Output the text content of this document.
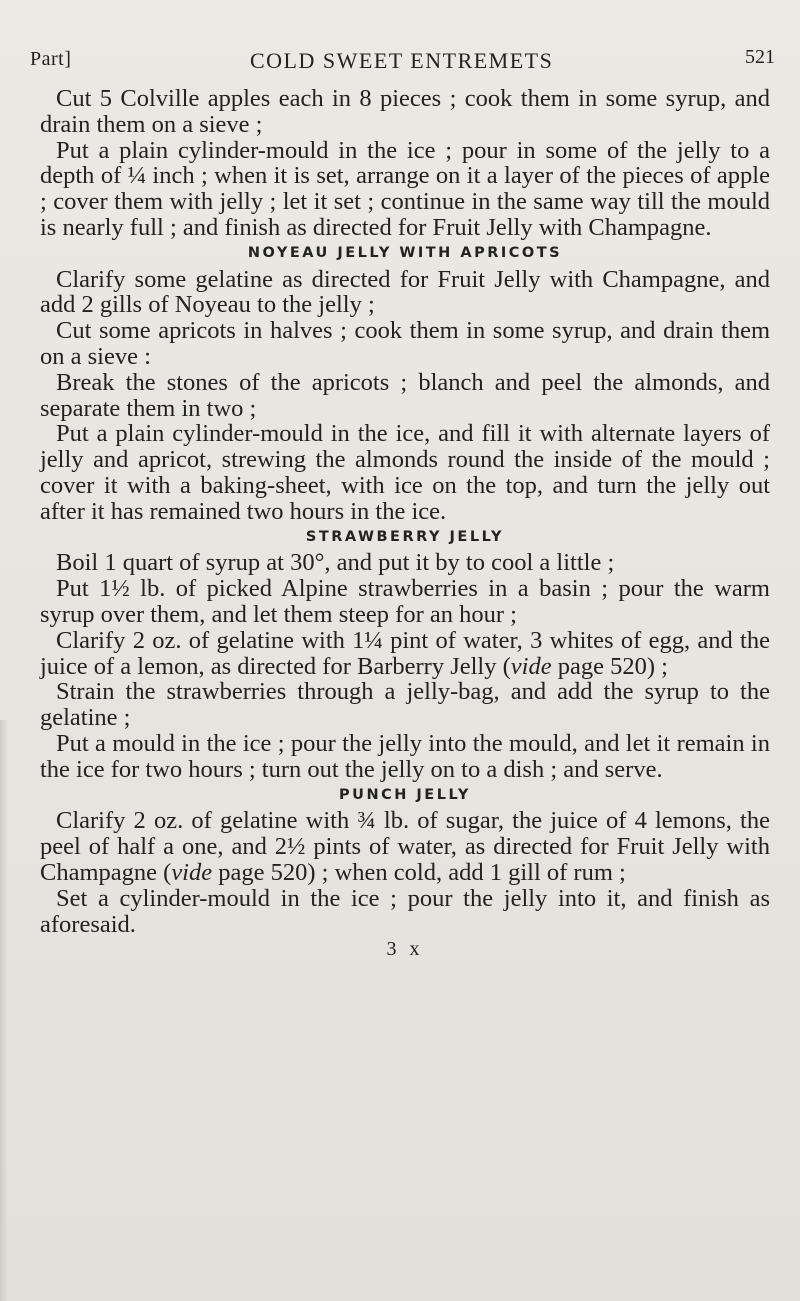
Part]	COLD SWEET ENTREMETS	521

Cut 5 Colville apples each in 8 pieces ; cook them in some syrup, and drain them on a sieve ;

Put a plain cylinder-mould in the ice ; pour in some of the jelly to a depth of ¼ inch ; when it is set, arrange on it a layer of the pieces of apple ; cover them with jelly ; let it set ; continue in the same way till the mould is nearly full ; and finish as directed for Fruit Jelly with Champagne.

NOYEAU JELLY WITH APRICOTS

Clarify some gelatine as directed for Fruit Jelly with Champagne, and add 2 gills of Noyeau to the jelly ;

Cut some apricots in halves ; cook them in some syrup, and drain them on a sieve :

Break the stones of the apricots ; blanch and peel the almonds, and separate them in two ;

Put a plain cylinder-mould in the ice, and fill it with alternate layers of jelly and apricot, strewing the almonds round the inside of the mould ; cover it with a baking-sheet, with ice on the top, and turn the jelly out after it has remained two hours in the ice.

STRAWBERRY JELLY

Boil 1 quart of syrup at 30°, and put it by to cool a little ;

Put 1½ lb. of picked Alpine strawberries in a basin ; pour the warm syrup over them, and let them steep for an hour ;

Clarify 2 oz. of gelatine with 1¼ pint of water, 3 whites of egg, and the juice of a lemon, as directed for Barberry Jelly (vide page 520) ;

Strain the strawberries through a jelly-bag, and add the syrup to the gelatine ;

Put a mould in the ice ; pour the jelly into the mould, and let it remain in the ice for two hours ; turn out the jelly on to a dish ; and serve.

PUNCH JELLY

Clarify 2 oz. of gelatine with ¾ lb. of sugar, the juice of 4 lemons, the peel of half a one, and 2½ pints of water, as directed for Fruit Jelly with Champagne (vide page 520) ; when cold, add 1 gill of rum ;

Set a cylinder-mould in the ice ; pour the jelly into it, and finish as aforesaid.

3 x
